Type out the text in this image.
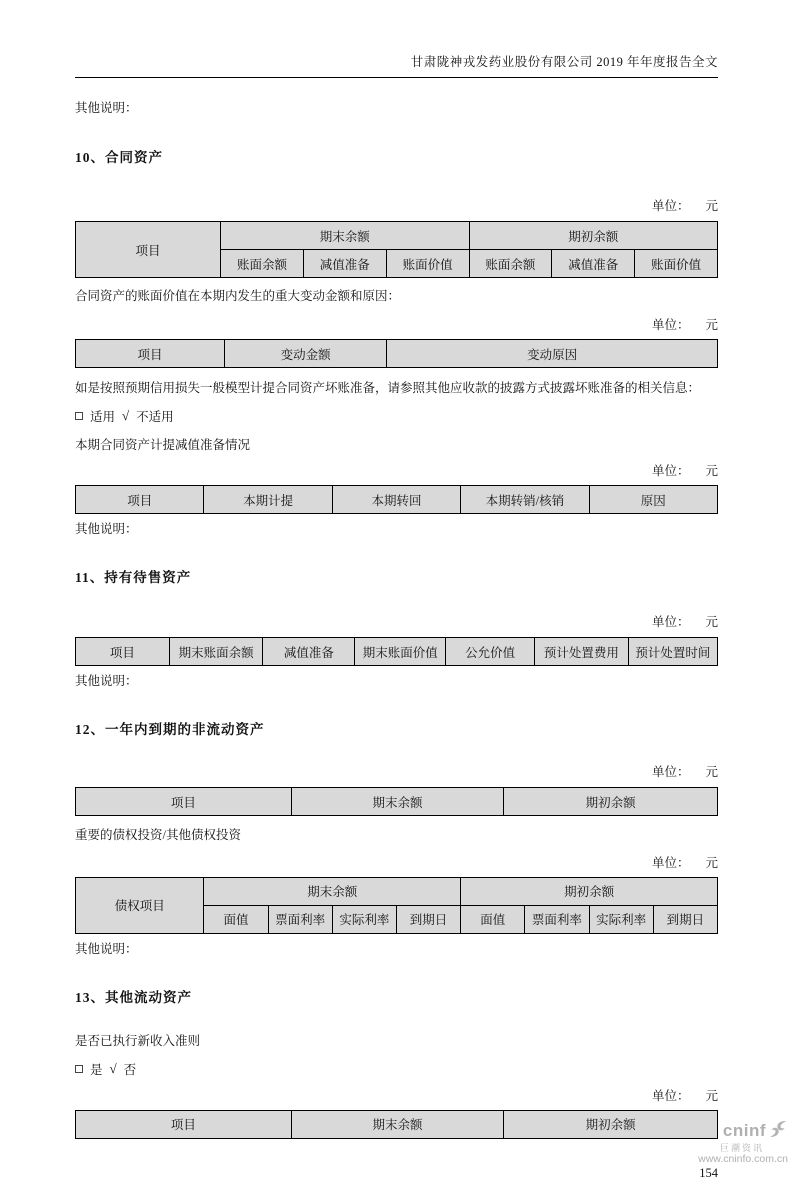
甘肃陇神戎发药业股份有限公司 2019 年年度报告全文
其他说明：
10、合同资产
单位： 元
项目	期末余额			期初余额		
	账面余额	减值准备	账面价值	账面余额	减值准备	账面价值
合同资产的账面价值在本期内发生的重大变动金额和原因：
单位： 元
项目	变动金额	变动原因
如是按照预期信用损失一般模型计提合同资产坏账准备，请参照其他应收款的披露方式披露坏账准备的相关信息：
适用 √ 不适用
本期合同资产计提减值准备情况
单位： 元
项目	本期计提	本期转回	本期转销/核销	原因
其他说明：
11、持有待售资产
单位： 元
项目	期末账面余额	减值准备	期末账面价值	公允价值	预计处置费用	预计处置时间
其他说明：
12、一年内到期的非流动资产
单位： 元
项目	期末余额	期初余额
重要的债权投资/其他债权投资
单位： 元
债权项目	期末余额				期初余额			
	面值	票面利率	实际利率	到期日	面值	票面利率	实际利率	到期日
其他说明：
13、其他流动资产
是否已执行新收入准则
是 √ 否
单位： 元
项目	期末余额	期初余额
154
cninf
巨潮资讯
www.cninfo.com.cn
